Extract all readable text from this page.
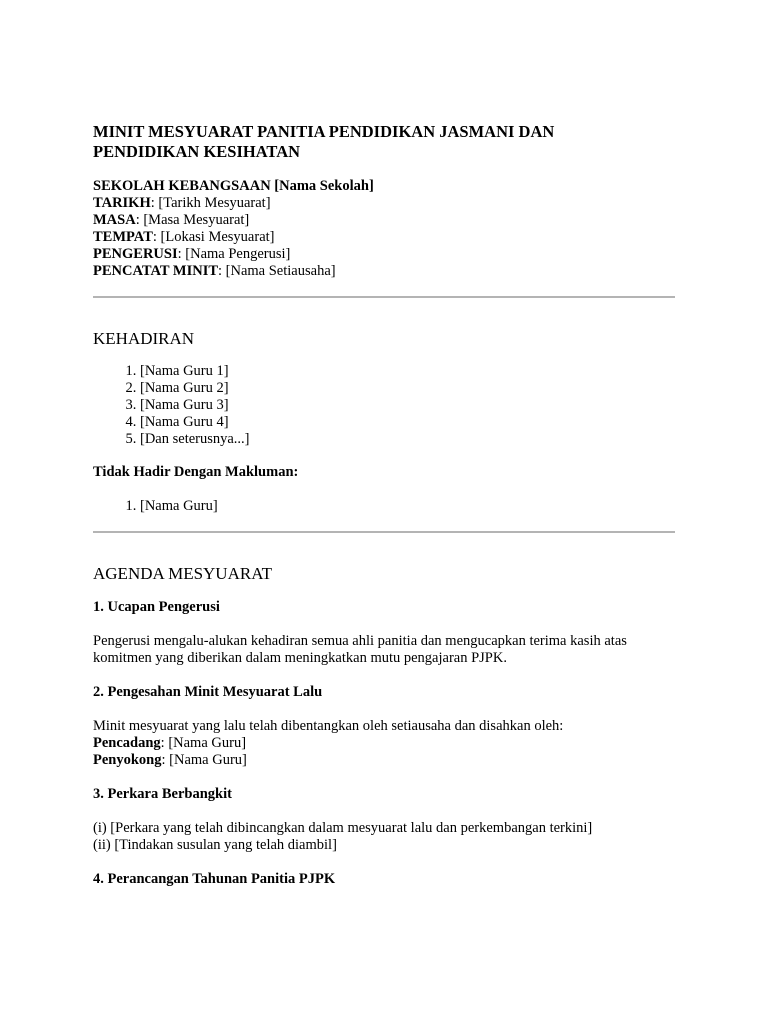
MINIT MESYUARAT PANITIA PENDIDIKAN JASMANI DAN
PENDIDIKAN KESIHATAN

SEKOLAH KEBANGSAAN [Nama Sekolah]

TARIKH: [Tarikh Mesyuarat]

MASA: [Masa Mesyuarat]

TEMPAT: [Lokasi Mesyuarat]

PENGERUSI: [Nama Pengerusi]

PENCATAT MINIT: [Nama Setiausaha]

KEHADIRAN
1. [Nama Guru 1]
2. [Nama Guru 2]
3. [Nama Guru 3]
4. [Nama Guru 4]
5. [Dan seterusnya...]

Tidak Hadir Dengan Makluman:

1. [Nama Guru]
AGENDA MESYUARAT

1. Ucapan Pengerusi

Pengerusi mengalu-alukan kehadiran semua ahli panitia dan mengucapkan terima kasih atas komitmen yang diberikan dalam meningkatkan mutu pengajaran PJPK.

2. Pengesahan Minit Mesyuarat Lalu

Minit mesyuarat yang lalu telah dibentangkan oleh setiausaha dan disahkan oleh:

Pencadang: [Nama Guru]

Penyokong: [Nama Guru]

3. Perkara Berbangkit

(i) [Perkara yang telah dibincangkan dalam mesyuarat lalu dan perkembangan terkini]

(ii) [Tindakan susulan yang telah diambil]

4. Perancangan Tahunan Panitia PJPK
